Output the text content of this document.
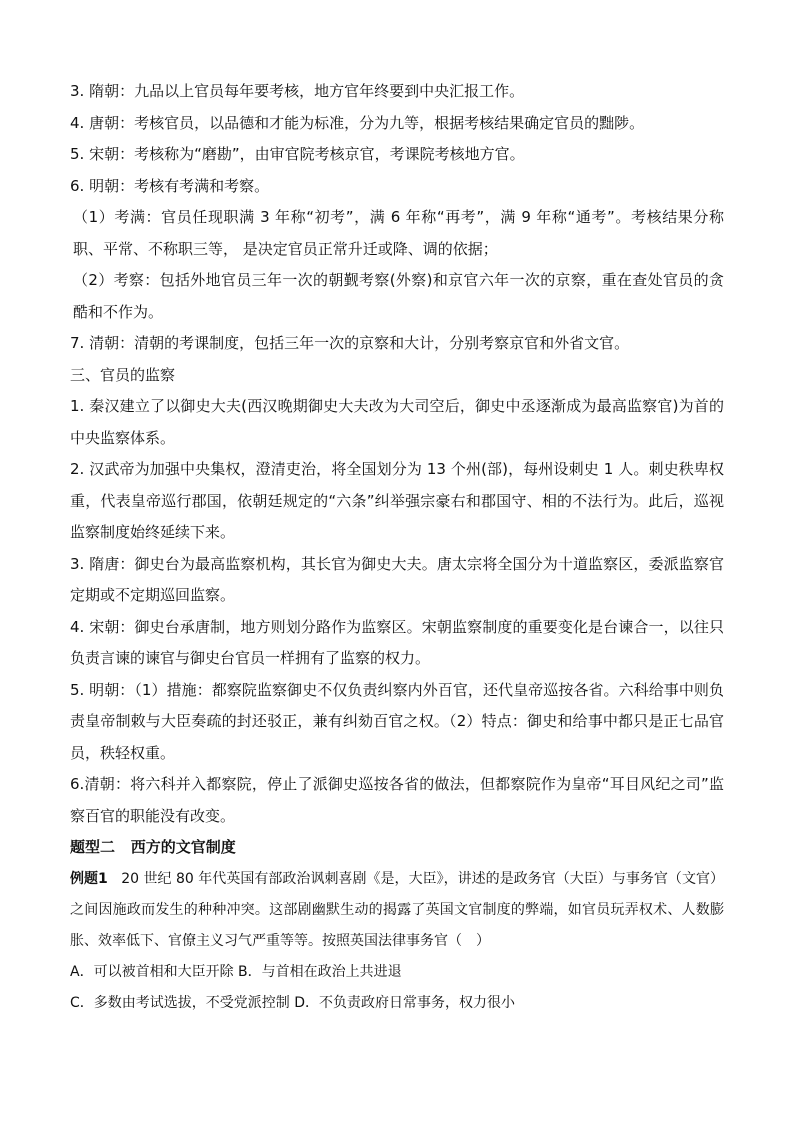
3. 隋朝：九品以上官员每年要考核，地方官年终要到中央汇报工作。

4. 唐朝：考核官员，以品德和才能为标准，分为九等，根据考核结果确定官员的黜陟。

5. 宋朝：考核称为“磨勘”，由审官院考核京官，考课院考核地方官。

6. 明朝：考核有考满和考察。

（1）考满：官员任现职满 3 年称“初考”，满 6 年称“再考”，满 9 年称“通考”。考核结果分称职、平常、不称职三等， 是决定官员正常升迁或降、调的依据；

（2）考察：包括外地官员三年一次的朝觐考察(外察)和京官六年一次的京察，重在查处官员的贪酷和不作为。

7. 清朝：清朝的考课制度，包括三年一次的京察和大计，分别考察京官和外省文官。

三、官员的监察

1. 秦汉建立了以御史大夫(西汉晚期御史大夫改为大司空后，御史中丞逐渐成为最高监察官)为首的中央监察体系。

2. 汉武帝为加强中央集权，澄清吏治，将全国划分为 13 个州(部)，每州设刺史 1 人。刺史秩卑权重，代表皇帝巡行郡国，依朝廷规定的“六条”纠举强宗豪右和郡国守、相的不法行为。此后，巡视监察制度始终延续下来。

3. 隋唐：御史台为最高监察机构，其长官为御史大夫。唐太宗将全国分为十道监察区，委派监察官定期或不定期巡回监察。

4. 宋朝：御史台承唐制，地方则划分路作为监察区。宋朝监察制度的重要变化是台谏合一，以往只负责言谏的谏官与御史台官员一样拥有了监察的权力。

5. 明朝：（1）措施：都察院监察御史不仅负责纠察内外百官，还代皇帝巡按各省。六科给事中则负责皇帝制敕与大臣奏疏的封还驳正，兼有纠劾百官之权。（2）特点：御史和给事中都只是正七品官员，秩轻权重。

6.清朝：将六科并入都察院，停止了派御史巡按各省的做法，但都察院作为皇帝“耳目风纪之司”监察百官的职能没有改变。

题型二 西方的文官制度

例题1 20 世纪 80 年代英国有部政治讽刺喜剧《是，大臣》，讲述的是政务官（大臣）与事务官（文官）之间因施政而发生的种种冲突。这部剧幽默生动的揭露了英国文官制度的弊端，如官员玩弄权术、人数膨胀、效率低下、官僚主义习气严重等等。按照英国法律事务官（　）

A．可以被首相和大臣开除 B．与首相在政治上共进退

C．多数由考试选拔，不受党派控制 D．不负责政府日常事务，权力很小
